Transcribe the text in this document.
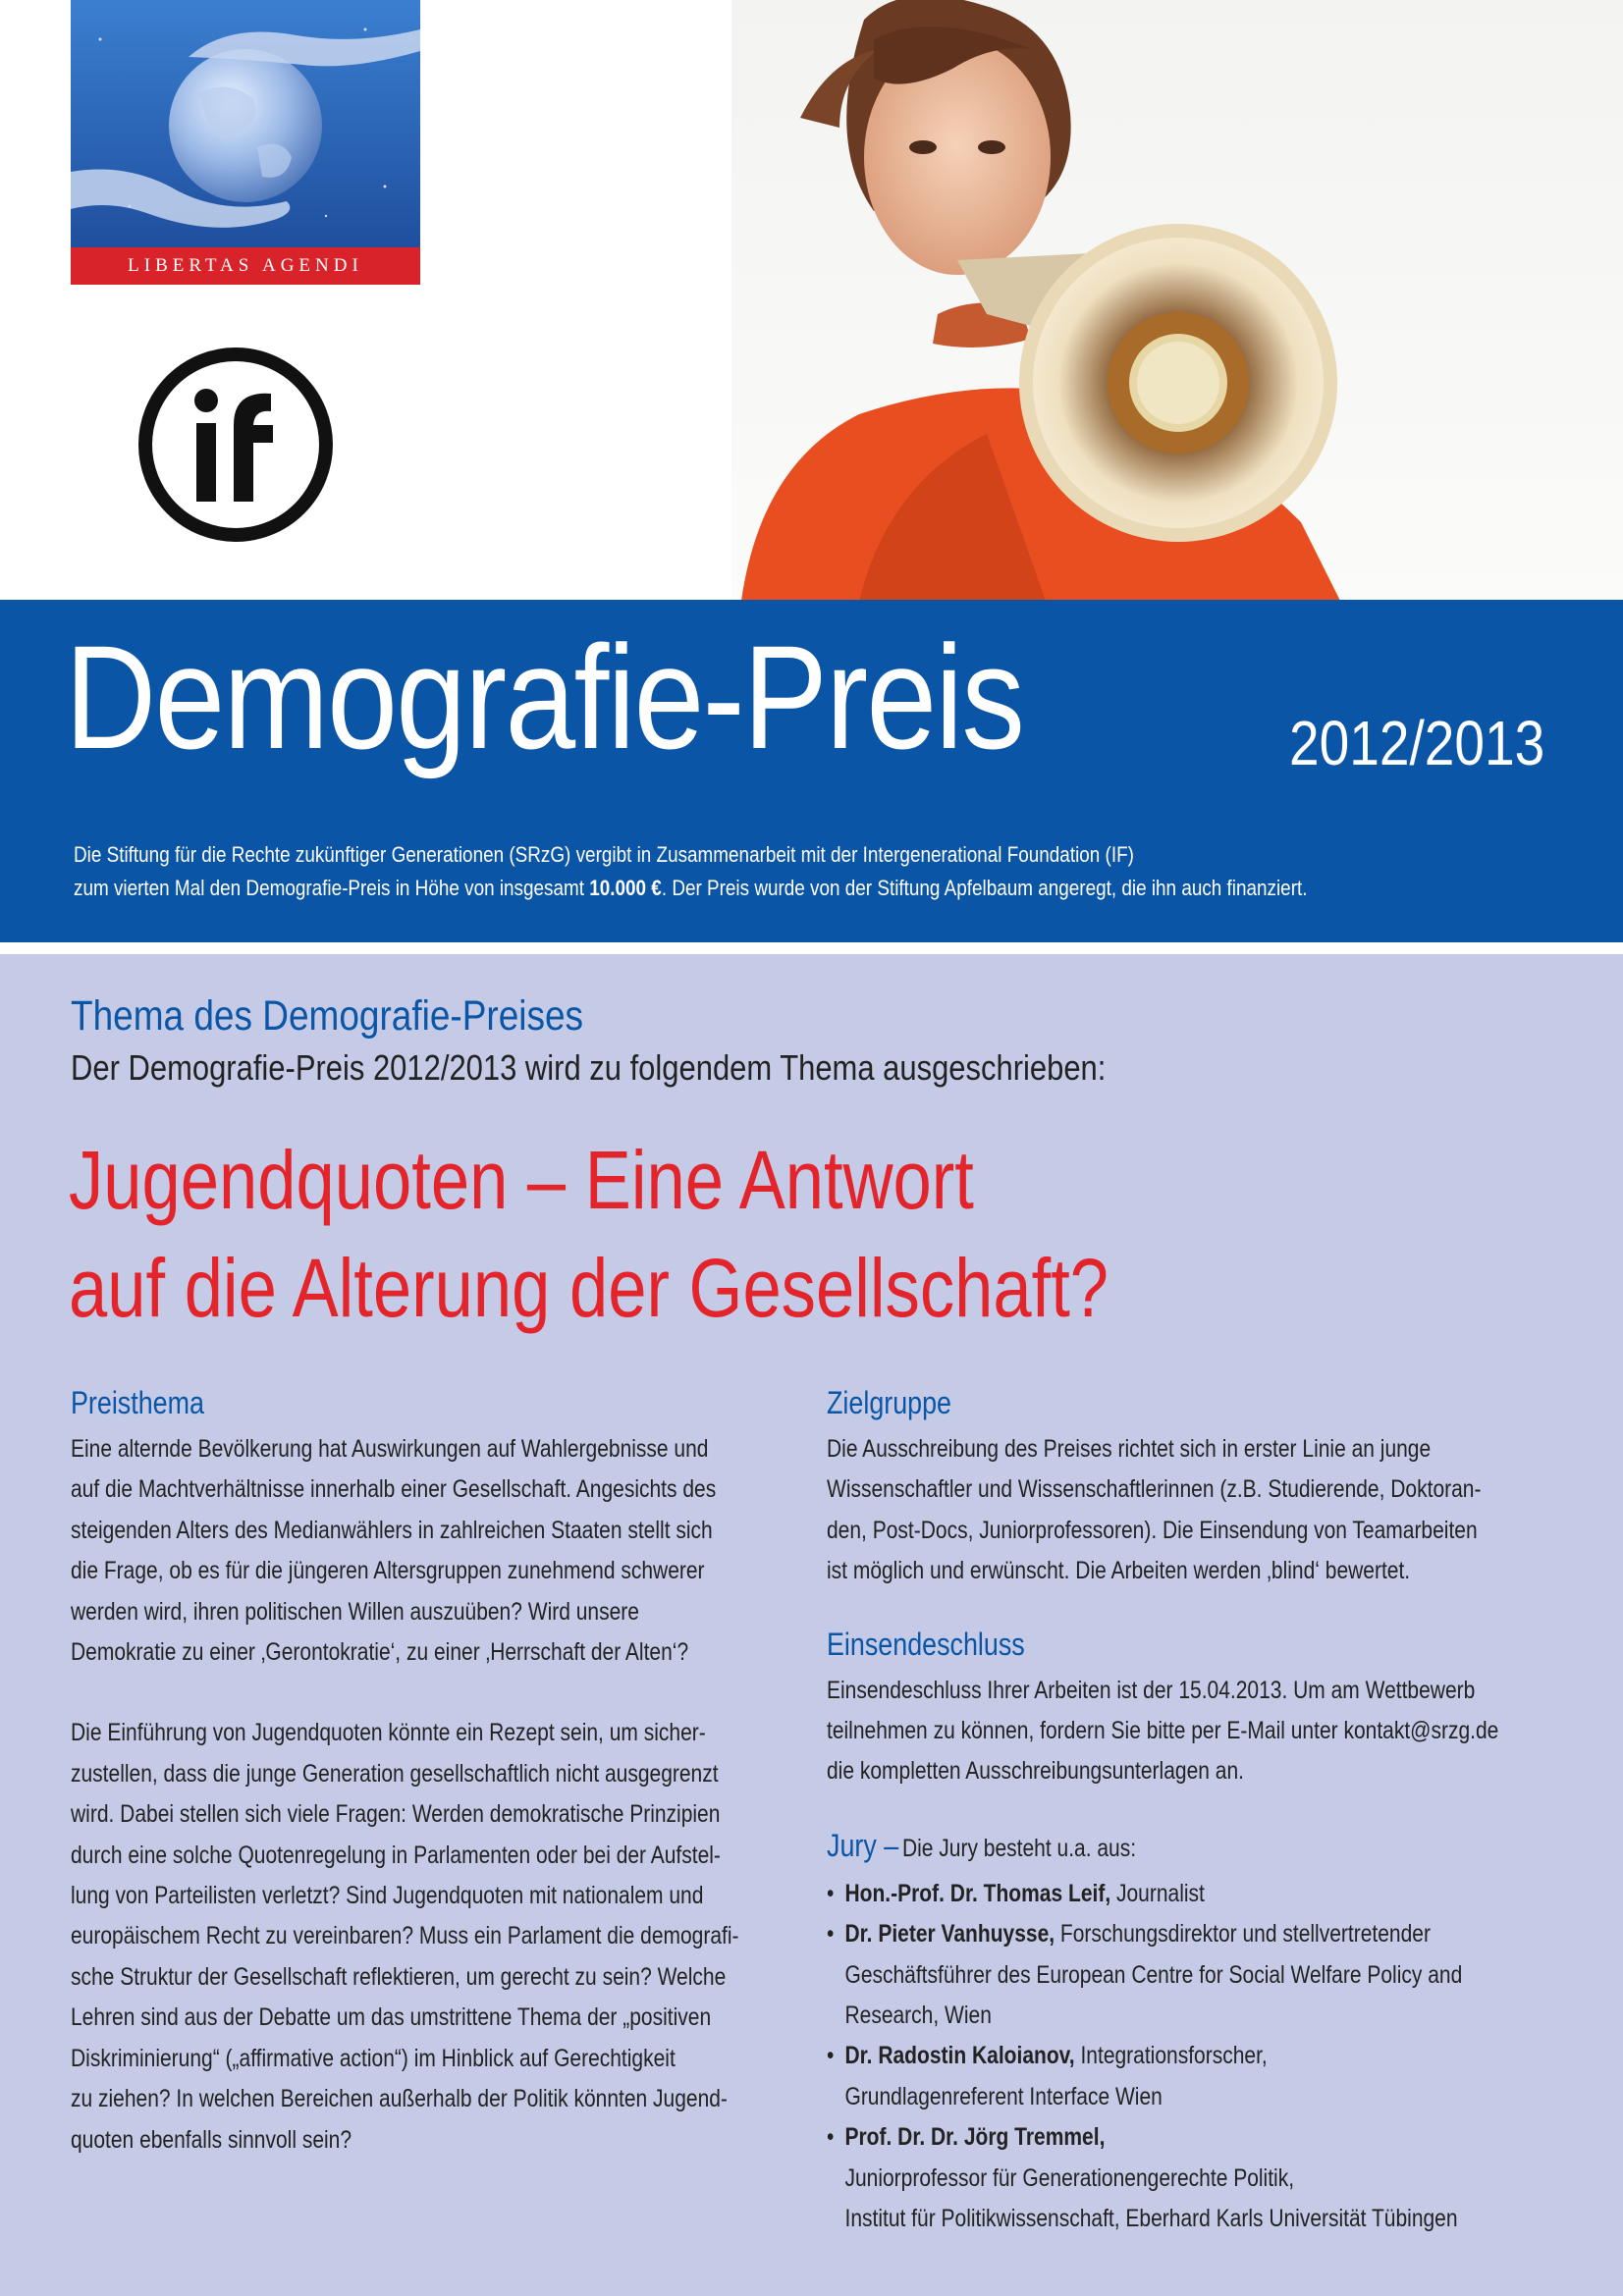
LIBERTAS AGENDI
Demografie-Preis	2012/2013

Die Stiftung für die Rechte zukünftiger Generationen (SRzG) vergibt in Zusammenarbeit mit der Intergenerational Foundation (IF)

zum vierten Mal den Demografie-Preis in Höhe von insgesamt 10.000 €. Der Preis wurde von der Stiftung Apfelbaum angeregt, die ihn auch finanziert.

Thema des Demografie-Preises

Der Demografie-Preis 2012/2013 wird zu folgendem Thema ausgeschrieben:

Jugendquoten – Eine Antwort
auf die Alterung der Gesellschaft?
Preisthema

Eine alternde Bevölkerung hat Auswirkungen auf Wahlergebnisse und
auf die Machtverhältnisse innerhalb einer Gesellschaft. Angesichts des
steigenden Alters des Medianwählers in zahlreichen Staaten stellt sich
die Frage, ob es für die jüngeren Altersgruppen zunehmend schwerer
werden wird, ihren politischen Willen auszuüben? Wird unsere
Demokratie zu einer ‚Gerontokratie‘, zu einer ‚Herrschaft der Alten‘?

Die Einführung von Jugendquoten könnte ein Rezept sein, um sicher-
zustellen, dass die junge Generation gesellschaftlich nicht ausgegrenzt
wird. Dabei stellen sich viele Fragen: Werden demokratische Prinzipien
durch eine solche Quotenregelung in Parlamenten oder bei der Aufstel-
lung von Parteilisten verletzt? Sind Jugendquoten mit nationalem und
europäischem Recht zu vereinbaren? Muss ein Parlament die demografi-
sche Struktur der Gesellschaft reflektieren, um gerecht zu sein? Welche
Lehren sind aus der Debatte um das umstrittene Thema der „positiven
Diskriminierung“ („affirmative action“) im Hinblick auf Gerechtigkeit
zu ziehen? In welchen Bereichen außerhalb der Politik könnten Jugend-
quoten ebenfalls sinnvoll sein?

Zielgruppe

Die Ausschreibung des Preises richtet sich in erster Linie an junge
Wissenschaftler und Wissenschaftlerinnen (z.B. Studierende, Doktoran-
den, Post-Docs, Juniorprofessoren). Die Einsendung von Teamarbeiten
ist möglich und erwünscht. Die Arbeiten werden ‚blind‘ bewertet.

Einsendeschluss

Einsendeschluss Ihrer Arbeiten ist der 15.04.2013. Um am Wettbewerb
teilnehmen zu können, fordern Sie bitte per E-Mail unter kontakt@srzg.de
die kompletten Ausschreibungsunterlagen an.

Jury – Die Jury besteht u.a. aus:
• Hon.-Prof. Dr. Thomas Leif, Journalist
• Dr. Pieter Vanhuysse, Forschungsdirektor und stellvertretender
Geschäftsführer des European Centre for Social Welfare Policy and
Research, Wien
• Dr. Radostin Kaloianov, Integrationsforscher,
Grundlagenreferent Interface Wien
• Prof. Dr. Dr. Jörg Tremmel,
Juniorprofessor für Generationengerechte Politik,
Institut für Politikwissenschaft, Eberhard Karls Universität Tübingen
